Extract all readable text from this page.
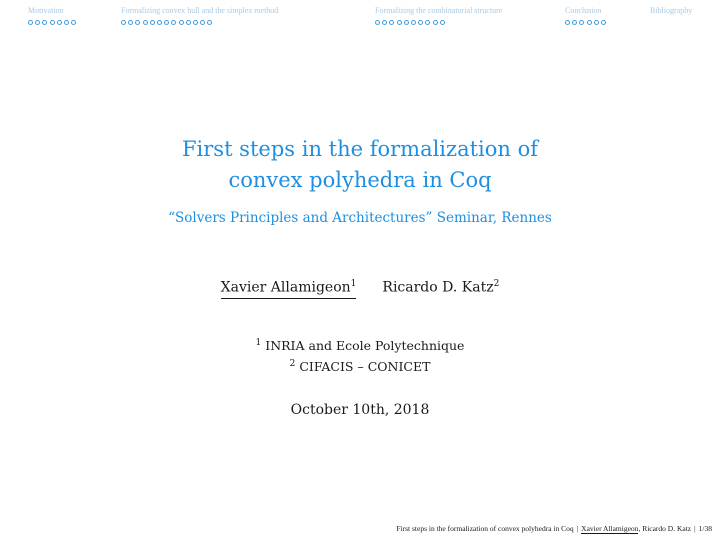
Motivation	Formalizing convex hull and the simplex method	Formalizing the combinatorial structure	Conclusion	Bibliography
First steps in the formalization of
convex polyhedra in Coq
“Solvers Principles and Architectures” Seminar, Rennes
Xavier Allamigeon$^1$ Ricardo D. Katz$^2$
$^1$ INRIA and Ecole Polytechnique
$^2$ CIFACIS – CONICET
October 10th, 2018
First steps in the formalization of convex polyhedra in Coq | Xavier Allamigeon, Ricardo D. Katz | 1/38
